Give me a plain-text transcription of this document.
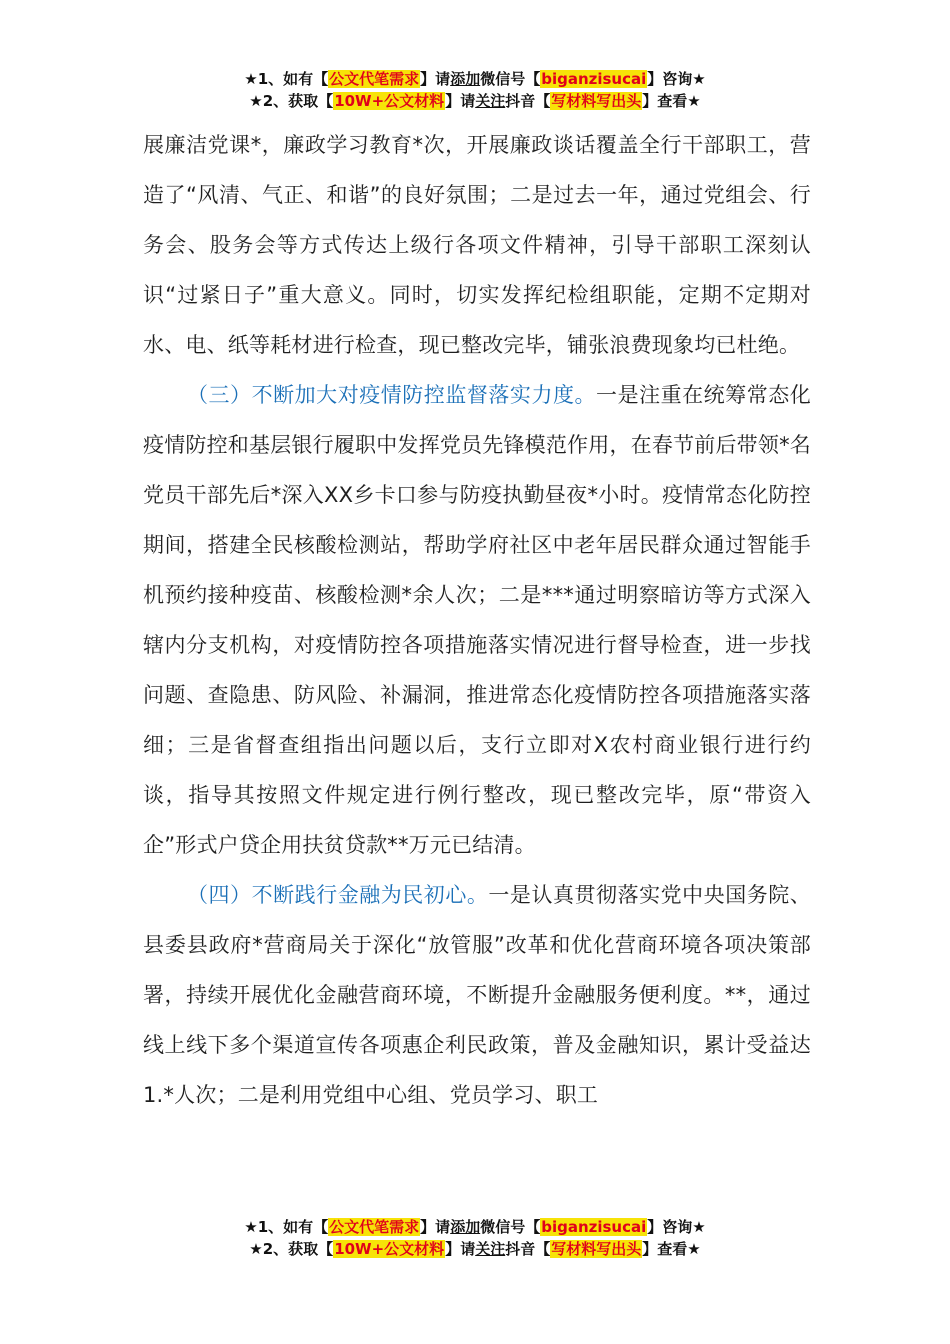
★1、如有【公文代笔需求】请添加微信号【biganzisucai】咨询★
★2、获取【10W+公文材料】请关注抖音【写材料写出头】查看★

展廉洁党课*，廉政学习教育*次，开展廉政谈话覆盖全行干部职工，营造了“风清、气正、和谐”的良好氛围；二是过去一年，通过党组会、行务会、股务会等方式传达上级行各项文件精神，引导干部职工深刻认识“过紧日子”重大意义。同时，切实发挥纪检组职能，定期不定期对水、电、纸等耗材进行检查，现已整改完毕，铺张浪费现象均已杜绝。

（三）不断加大对疫情防控监督落实力度。一是注重在统筹常态化疫情防控和基层银行履职中发挥党员先锋模范作用，在春节前后带领*名党员干部先后*深入XX乡卡口参与防疫执勤昼夜*小时。疫情常态化防控期间，搭建全民核酸检测站，帮助学府社区中老年居民群众通过智能手机预约接种疫苗、核酸检测*余人次；二是***通过明察暗访等方式深入辖内分支机构，对疫情防控各项措施落实情况进行督导检查，进一步找问题、查隐患、防风险、补漏洞，推进常态化疫情防控各项措施落实落细；三是省督查组指出问题以后，支行立即对X农村商业银行进行约谈，指导其按照文件规定进行例行整改，现已整改完毕，原“带资入企”形式户贷企用扶贫贷款**万元已结清。

（四）不断践行金融为民初心。一是认真贯彻落实党中央国务院、县委县政府*营商局关于深化“放管服”改革和优化营商环境各项决策部署，持续开展优化金融营商环境，不断提升金融服务便利度。**，通过线上线下多个渠道宣传各项惠企利民政策，普及金融知识，累计受益达1.*人次；二是利用党组中心组、党员学习、职工

★1、如有【公文代笔需求】请添加微信号【biganzisucai】咨询★
★2、获取【10W+公文材料】请关注抖音【写材料写出头】查看★
